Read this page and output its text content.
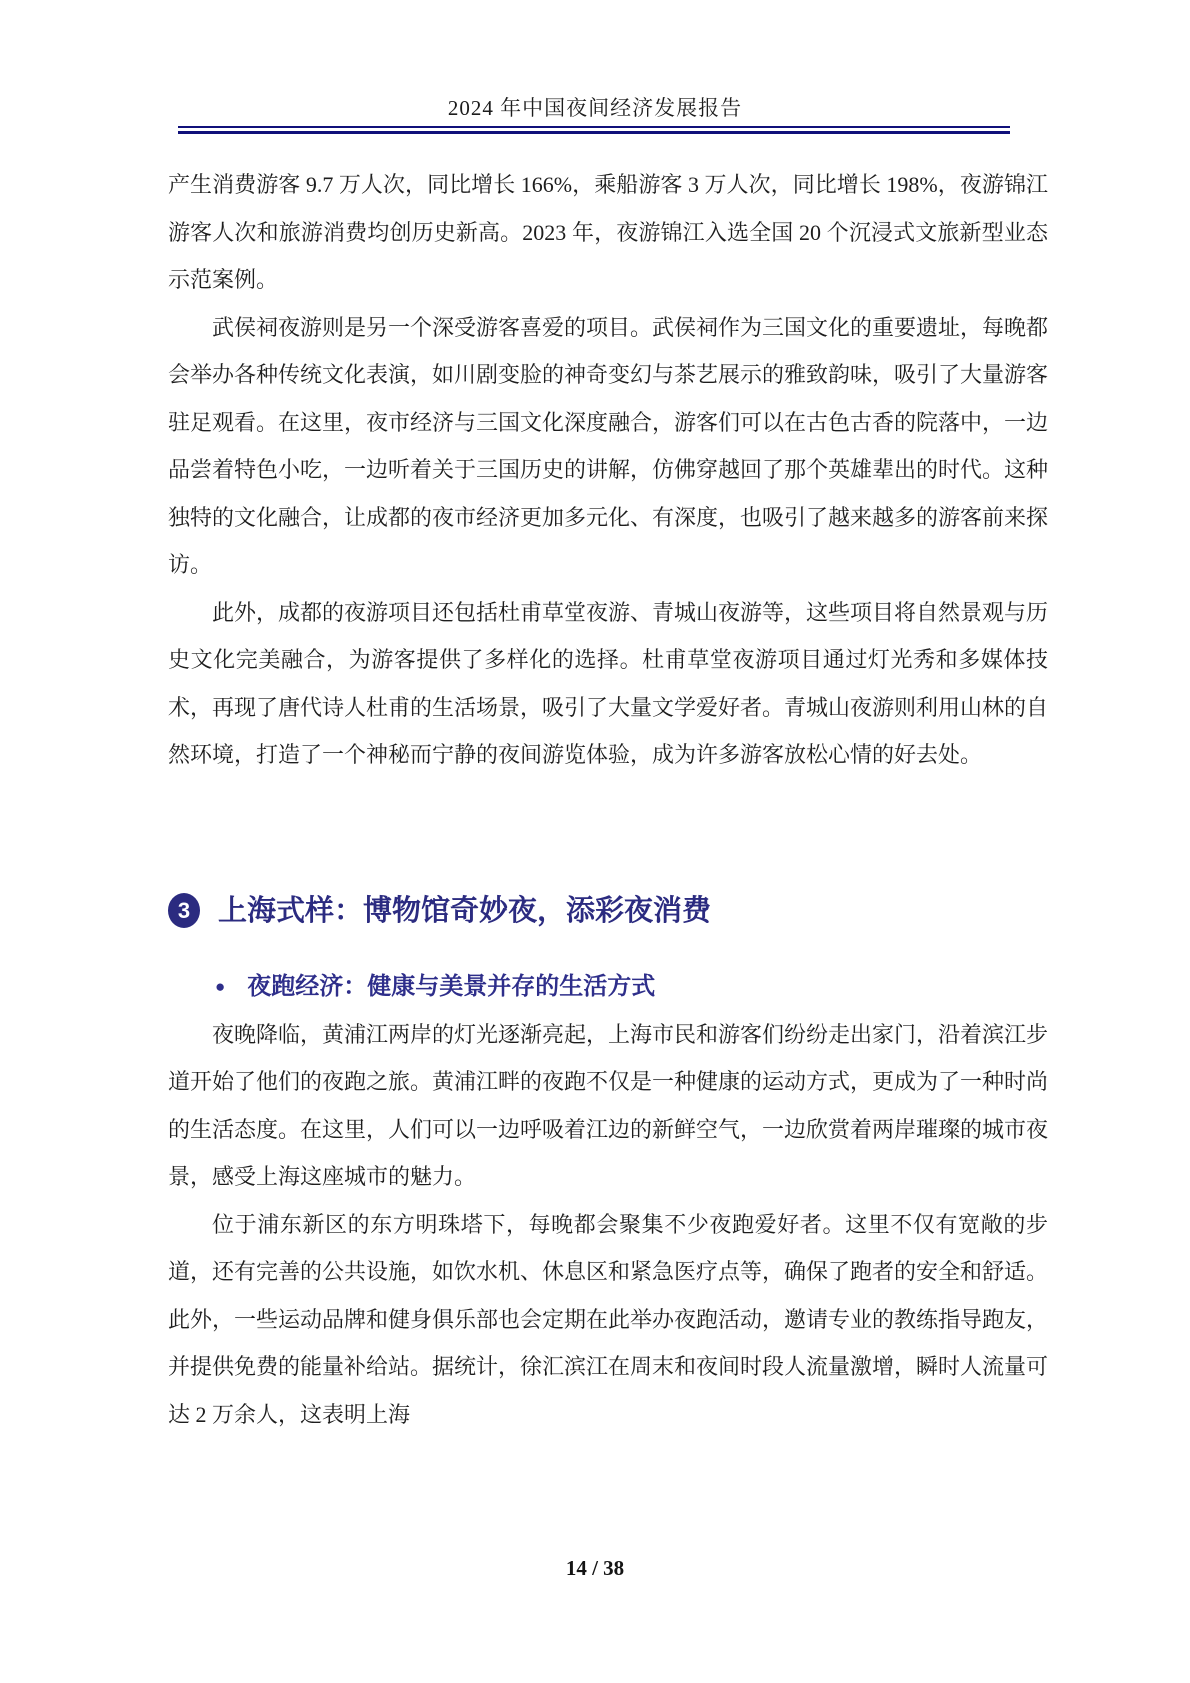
2024 年中国夜间经济发展报告

产生消费游客 9.7 万人次，同比增长 166%，乘船游客 3 万人次，同比增长 198%，夜游锦江游客人次和旅游消费均创历史新高。2023 年，夜游锦江入选全国 20 个沉浸式文旅新型业态示范案例。

武侯祠夜游则是另一个深受游客喜爱的项目。武侯祠作为三国文化的重要遗址，每晚都会举办各种传统文化表演，如川剧变脸的神奇变幻与茶艺展示的雅致韵味，吸引了大量游客驻足观看。在这里，夜市经济与三国文化深度融合，游客们可以在古色古香的院落中，一边品尝着特色小吃，一边听着关于三国历史的讲解，仿佛穿越回了那个英雄辈出的时代。这种独特的文化融合，让成都的夜市经济更加多元化、有深度，也吸引了越来越多的游客前来探访。

此外，成都的夜游项目还包括杜甫草堂夜游、青城山夜游等，这些项目将自然景观与历史文化完美融合，为游客提供了多样化的选择。杜甫草堂夜游项目通过灯光秀和多媒体技术，再现了唐代诗人杜甫的生活场景，吸引了大量文学爱好者。青城山夜游则利用山林的自然环境，打造了一个神秘而宁静的夜间游览体验，成为许多游客放松心情的好去处。

3 上海式样：博物馆奇妙夜，添彩夜消费
● 夜跑经济：健康与美景并存的生活方式

夜晚降临，黄浦江两岸的灯光逐渐亮起，上海市民和游客们纷纷走出家门，沿着滨江步道开始了他们的夜跑之旅。黄浦江畔的夜跑不仅是一种健康的运动方式，更成为了一种时尚的生活态度。在这里，人们可以一边呼吸着江边的新鲜空气，一边欣赏着两岸璀璨的城市夜景，感受上海这座城市的魅力。

位于浦东新区的东方明珠塔下，每晚都会聚集不少夜跑爱好者。这里不仅有宽敞的步道，还有完善的公共设施，如饮水机、休息区和紧急医疗点等，确保了跑者的安全和舒适。此外，一些运动品牌和健身俱乐部也会定期在此举办夜跑活动，邀请专业的教练指导跑友，并提供免费的能量补给站。据统计，徐汇滨江在周末和夜间时段人流量激增，瞬时人流量可达 2 万余人，这表明上海

14 / 38
